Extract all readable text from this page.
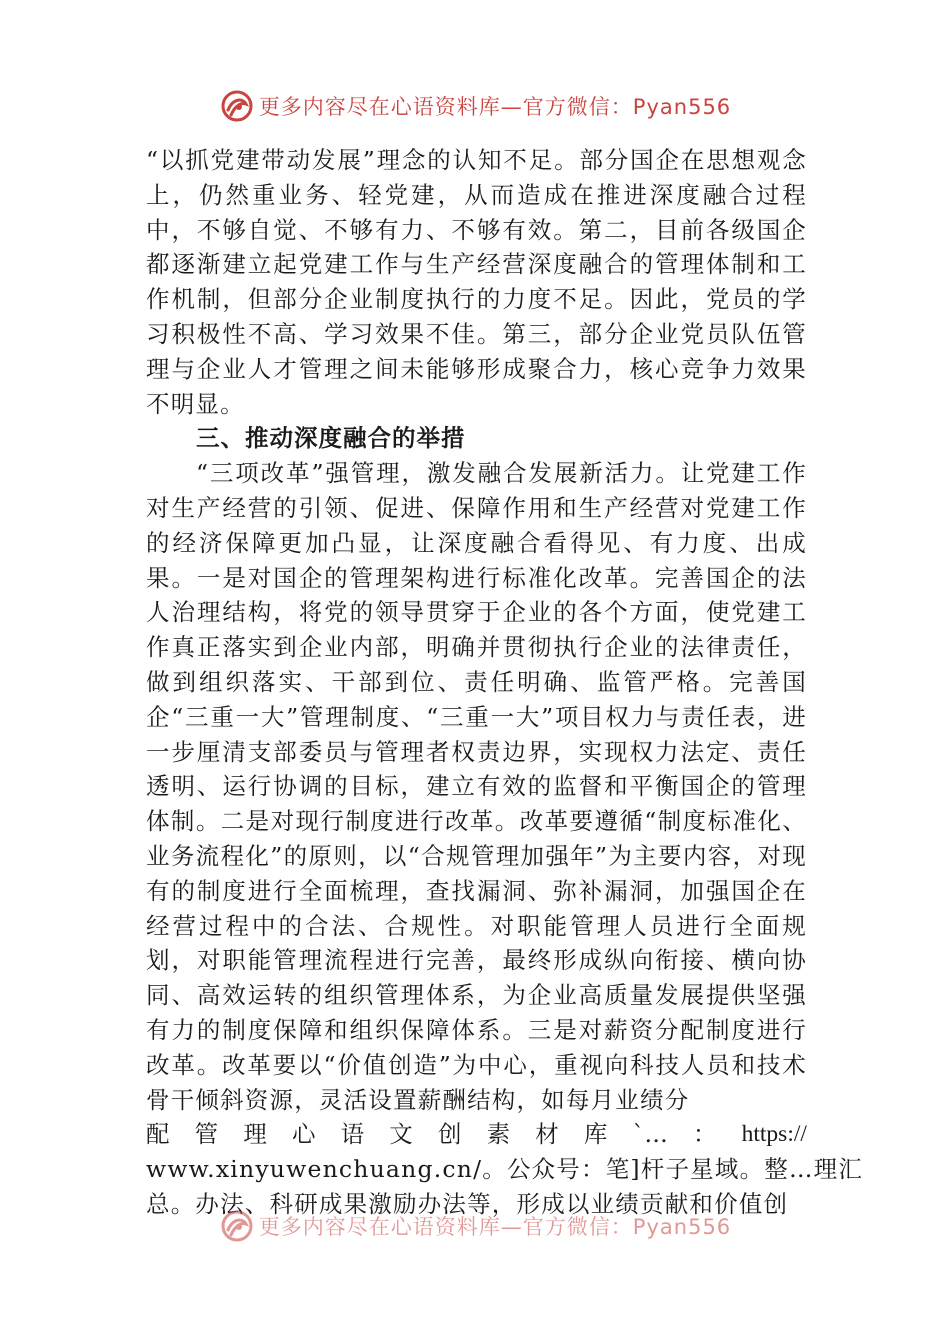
更多内容尽在心语资料库—官方微信：Pyan556

“以抓党建带动发展”理念的认知不足。部分国企在思想观念上，仍然重业务、轻党建，从而造成在推进深度融合过程中，不够自觉、不够有力、不够有效。第二，目前各级国企都逐渐建立起党建工作与生产经营深度融合的管理体制和工作机制，但部分企业制度执行的力度不足。因此，党员的学习积极性不高、学习效果不佳。第三，部分企业党员队伍管理与企业人才管理之间未能够形成聚合力，核心竞争力效果不明显。

三、推动深度融合的举措

“三项改革”强管理，激发融合发展新活力。让党建工作对生产经营的引领、促进、保障作用和生产经营对党建工作的经济保障更加凸显，让深度融合看得见、有力度、出成果。一是对国企的管理架构进行标准化改革。完善国企的法人治理结构，将党的领导贯穿于企业的各个方面，使党建工作真正落实到企业内部，明确并贯彻执行企业的法律责任，做到组织落实、干部到位、责任明确、监管严格。完善国企“三重一大”管理制度、“三重一大”项目权力与责任表，进一步厘清支部委员与管理者权责边界，实现权力法定、责任透明、运行协调的目标，建立有效的监督和平衡国企的管理体制。二是对现行制度进行改革。改革要遵循“制度标准化、业务流程化”的原则，以“合规管理加强年”为主要内容，对现有的制度进行全面梳理，查找漏洞、弥补漏洞，加强国企在经营过程中的合法、合规性。对职能管理人员进行全面规划，对职能管理流程进行完善，最终形成纵向衔接、横向协同、高效运转的组织管理体系，为企业高质量发展提供坚强有力的制度保障和组织保障体系。三是对薪资分配制度进行改革。改革要以“价值创造”为中心，重视向科技人员和技术骨干倾斜资源，灵活设置薪酬结构，如每月业绩分

配 管 理 心 语 文 创 素 材 库 `… ： https://

www.xinyuwenchuang.cn/。公众号：笔]杆子星域。整…理汇

总。办法、科研成果激励办法等，形成以业绩贡献和价值创

更多内容尽在心语资料库—官方微信：Pyan556
